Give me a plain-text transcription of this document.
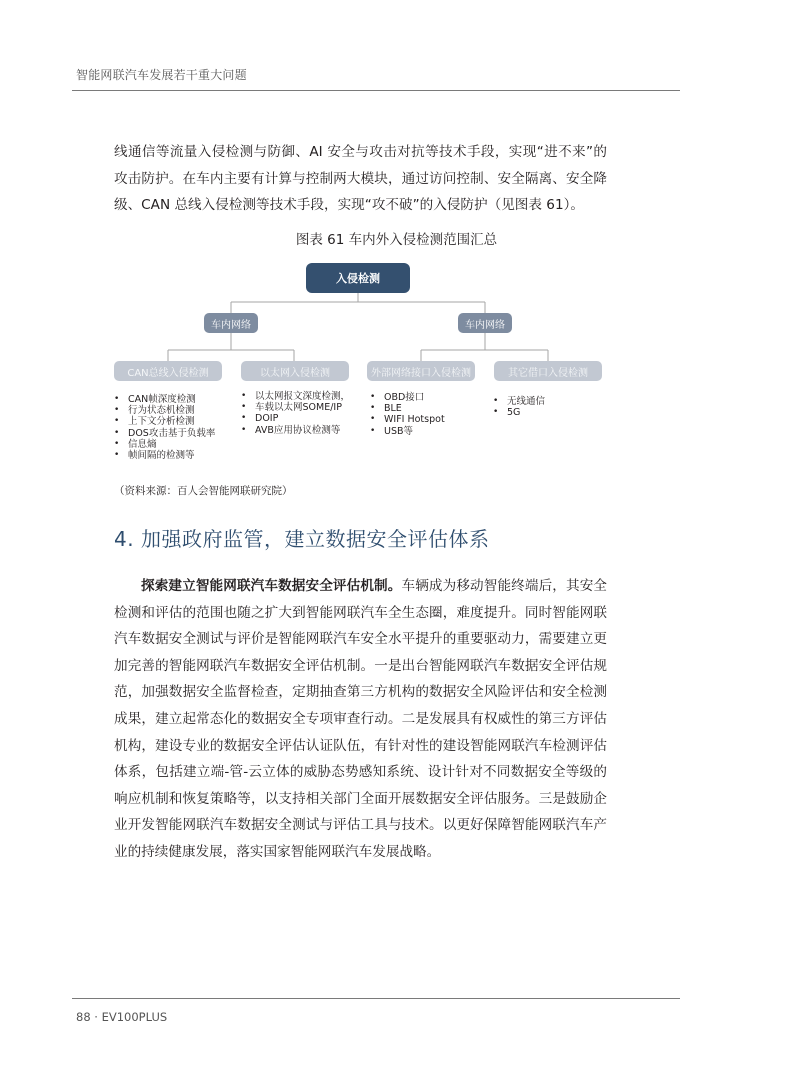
智能网联汽车发展若干重大问题

线通信等流量入侵检测与防御、AI 安全与攻击对抗等技术手段，实现“进不来”的攻击防护。在车内主要有计算与控制两大模块，通过访问控制、安全隔离、安全降级、CAN 总线入侵检测等技术手段，实现“攻不破”的入侵防护（见图表 61）。

图表 61 车内外入侵检测范围汇总
入侵检测
车内网络	车内网络
CAN总线入侵检测	以太网入侵检测	外部网络接口入侵检测	其它借口入侵检测
• CAN帧深度检测
• 行为状态机检测
• 上下文分析检测
• DOS攻击基于负载率
• 信息熵
• 帧间隔的检测等
• 以太网报文深度检测，
• 车载以太网SOME/IP
• DOIP
• AVB应用协议检测等
• OBD接口
• BLE
• WIFI Hotspot
• USB等
• 无线通信
• 5G
（资料来源：百人会智能网联研究院）
4. 加强政府监管，建立数据安全评估体系

探索建立智能网联汽车数据安全评估机制。车辆成为移动智能终端后，其安全检测和评估的范围也随之扩大到智能网联汽车全生态圈，难度提升。同时智能网联汽车数据安全测试与评价是智能网联汽车安全水平提升的重要驱动力，需要建立更加完善的智能网联汽车数据安全评估机制。一是出台智能网联汽车数据安全评估规范，加强数据安全监督检查，定期抽查第三方机构的数据安全风险评估和安全检测成果，建立起常态化的数据安全专项审查行动。二是发展具有权威性的第三方评估机构，建设专业的数据安全评估认证队伍，有针对性的建设智能网联汽车检测评估体系，包括建立端-管-云立体的威胁态势感知系统、设计针对不同数据安全等级的响应机制和恢复策略等，以支持相关部门全面开展数据安全评估服务。三是鼓励企业开发智能网联汽车数据安全测试与评估工具与技术。以更好保障智能网联汽车产业的持续健康发展，落实国家智能网联汽车发展战略。

88 · EV100PLUS
